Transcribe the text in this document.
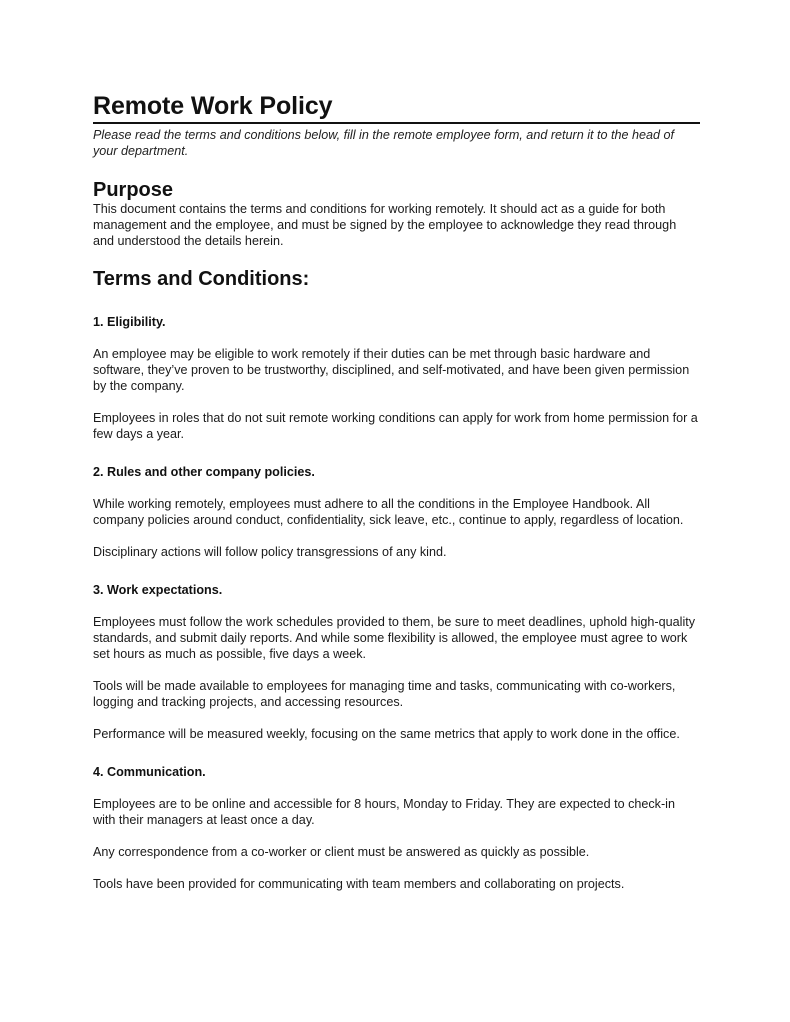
Remote Work Policy

Please read the terms and conditions below, fill in the remote employee form, and return it to the head of your department.

Purpose

This document contains the terms and conditions for working remotely. It should act as a guide for both management and the employee, and must be signed by the employee to acknowledge they read through and understood the details herein.

Terms and Conditions:

1. Eligibility.

An employee may be eligible to work remotely if their duties can be met through basic hardware and software, they’ve proven to be trustworthy, disciplined, and self-motivated, and have been given permission by the company.

Employees in roles that do not suit remote working conditions can apply for work from home permission for a few days a year.

2. Rules and other company policies.

While working remotely, employees must adhere to all the conditions in the Employee Handbook. All company policies around conduct, confidentiality, sick leave, etc., continue to apply, regardless of location.

Disciplinary actions will follow policy transgressions of any kind.

3. Work expectations.

Employees must follow the work schedules provided to them, be sure to meet deadlines, uphold high-quality standards, and submit daily reports. And while some flexibility is allowed, the employee must agree to work set hours as much as possible, five days a week.

Tools will be made available to employees for managing time and tasks, communicating with co-workers, logging and tracking projects, and accessing resources.

Performance will be measured weekly, focusing on the same metrics that apply to work done in the office.

4. Communication.

Employees are to be online and accessible for 8 hours, Monday to Friday. They are expected to check-in with their managers at least once a day.

Any correspondence from a co-worker or client must be answered as quickly as possible.

Tools have been provided for communicating with team members and collaborating on projects.
